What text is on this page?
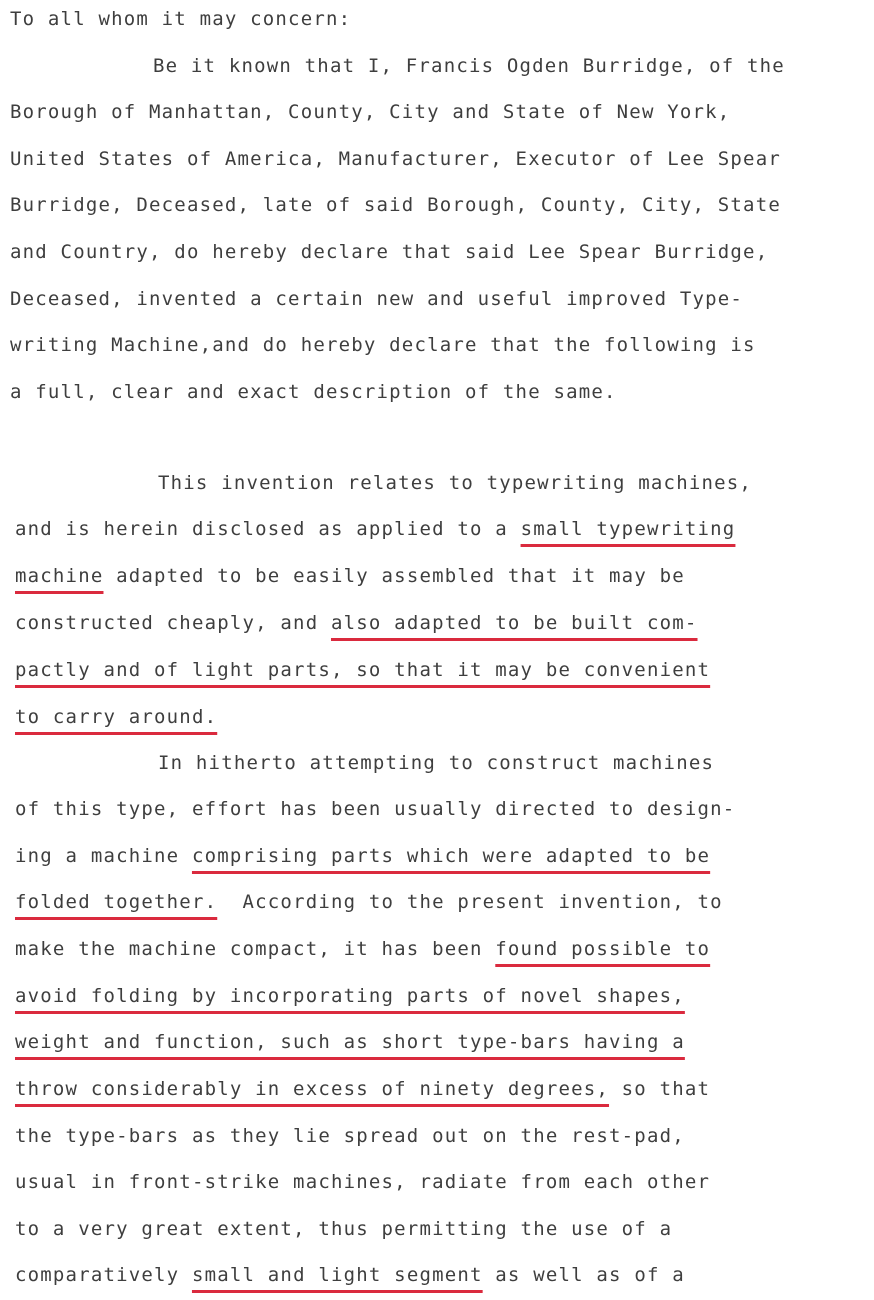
To all whom it may concern:
Be it known that I, Francis Ogden Burridge, of the
Borough of Manhattan, County, City and State of New York,
United States of America, Manufacturer, Executor of Lee Spear
Burridge, Deceased, late of said Borough, County, City, State
and Country, do hereby declare that said Lee Spear Burridge,
Deceased, invented a certain new and useful improved Type-
writing Machine,and do hereby declare that the following is
a full, clear and exact description of the same.
This invention relates to typewriting machines,
and is herein disclosed as applied to a small typewriting
machine adapted to be easily assembled that it may be
constructed cheaply, and also adapted to be built com-
pactly and of light parts, so that it may be convenient
to carry around.
In hitherto attempting to construct machines
of this type, effort has been usually directed to design-
ing a machine comprising parts which were adapted to be
folded together.  According to the present invention, to
make the machine compact, it has been found possible to
avoid folding by incorporating parts of novel shapes,
weight and function, such as short type-bars having a
throw considerably in excess of ninety degrees, so that
the type-bars as they lie spread out on the rest-pad,
usual in front-strike machines, radiate from each other
to a very great extent, thus permitting the use of a
comparatively small and light segment as well as of a
